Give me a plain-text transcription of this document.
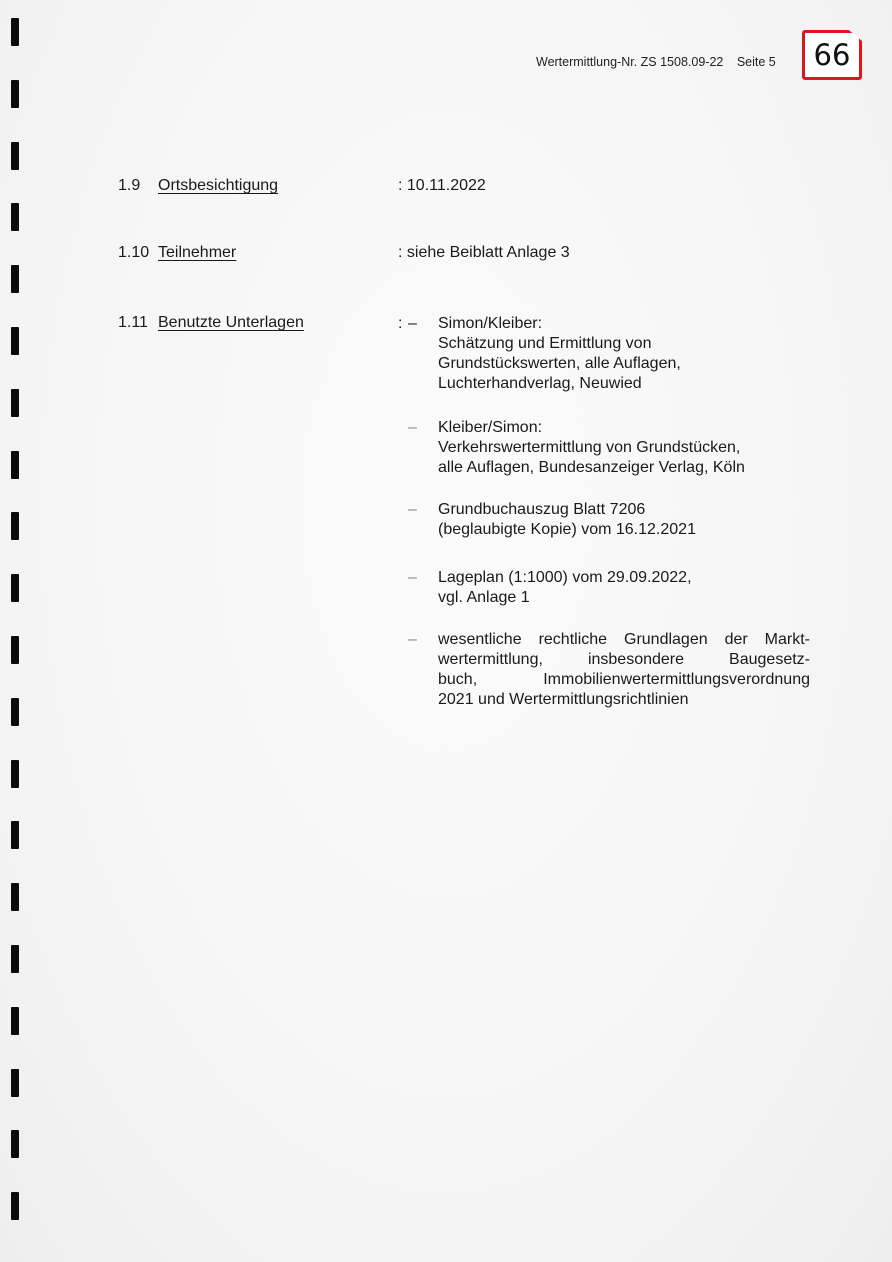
Wertermittlung-Nr. ZS 1508.09-22 Seite 5 66
1.9 Ortsbesichtigung	: 10.11.2022
1.10 Teilnehmer	: siehe Beiblatt Anlage 3
1.11 Benutzte Unterlagen	: – Simon/Kleiber:
Schätzung und Ermittlung von
Grundstückswerten, alle Auflagen,
Luchterhandverlag, Neuwied
– Kleiber/Simon:
Verkehrswertermittlung von Grundstücken,
alle Auflagen, Bundesanzeiger Verlag, Köln
– Grundbuchauszug Blatt 7206
(beglaubigte Kopie) vom 16.12.2021
– Lageplan (1:1000) vom 29.09.2022,
vgl. Anlage 1
– wesentliche rechtliche Grundlagen der Markt-
wertermittlung, insbesondere Baugesetz-
buch, Immobilienwertermittlungsverordnung
2021 und Wertermittlungsrichtlinien
